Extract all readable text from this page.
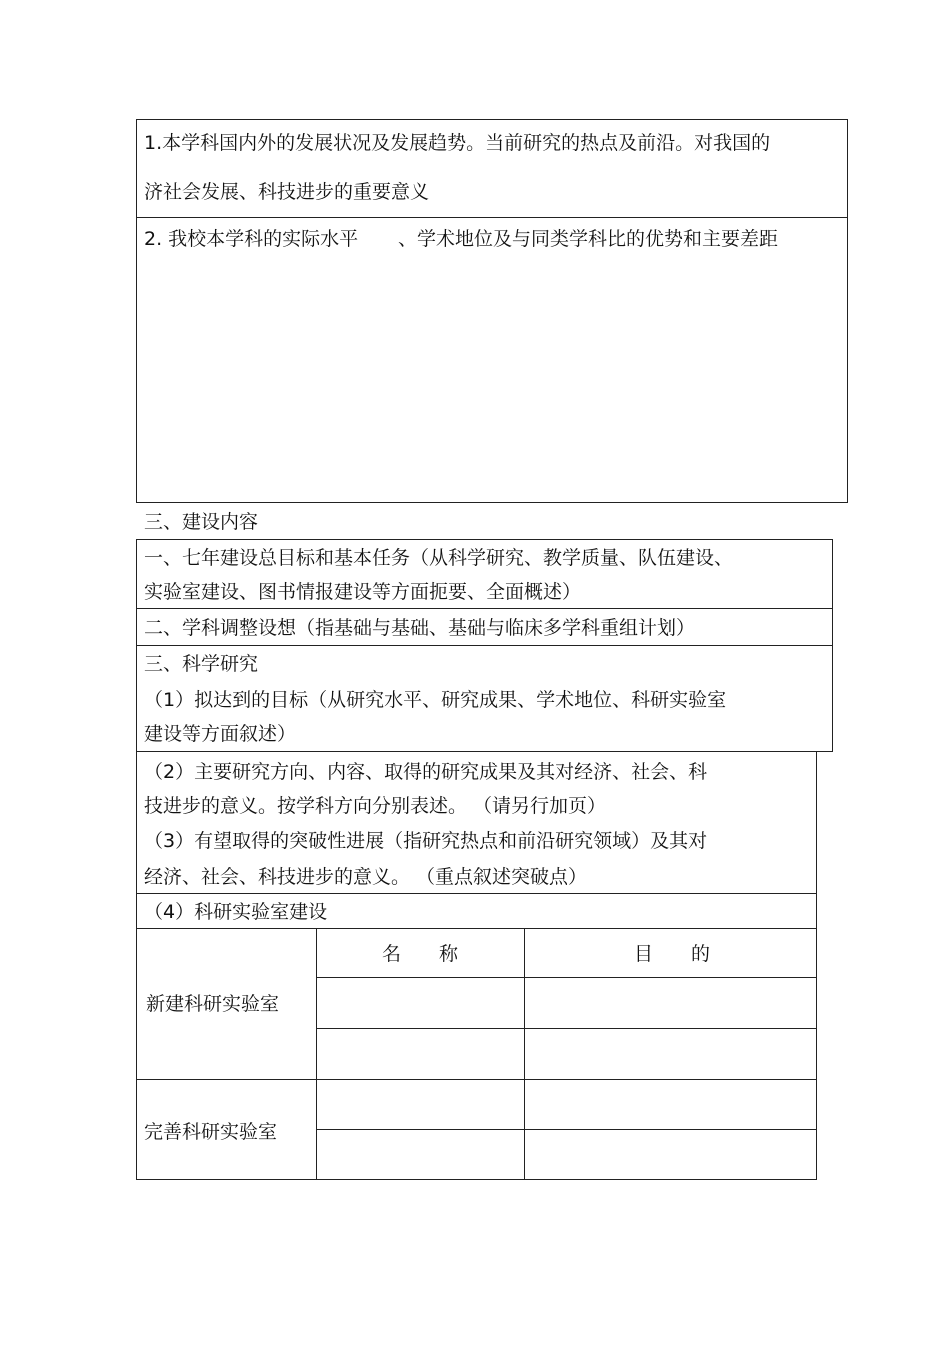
1.本学科国内外的发展状况及发展趋势。当前研究的热点及前沿。对我国的
济社会发展、科技进步的重要意义
2. 我校本学科的实际水平 、学术地位及与同类学科比的优势和主要差距
三、建设内容
一、七年建设总目标和基本任务（从科学研究、教学质量、队伍建设、
实验室建设、图书情报建设等方面扼要、全面概述）
二、学科调整设想（指基础与基础、基础与临床多学科重组计划）
三、科学研究
（1）拟达到的目标（从研究水平、研究成果、学术地位、科研实验室
建设等方面叙述）
（2）主要研究方向、内容、取得的研究成果及其对经济、社会、科
技进步的意义。按学科方向分别表述。 （请另行加页）
（3）有望取得的突破性进展（指研究热点和前沿研究领域）及其对
经济、社会、科技进步的意义。 （重点叙述突破点）
（4）科研实验室建设
名　　称	目　　的
新建科研实验室
完善科研实验室
